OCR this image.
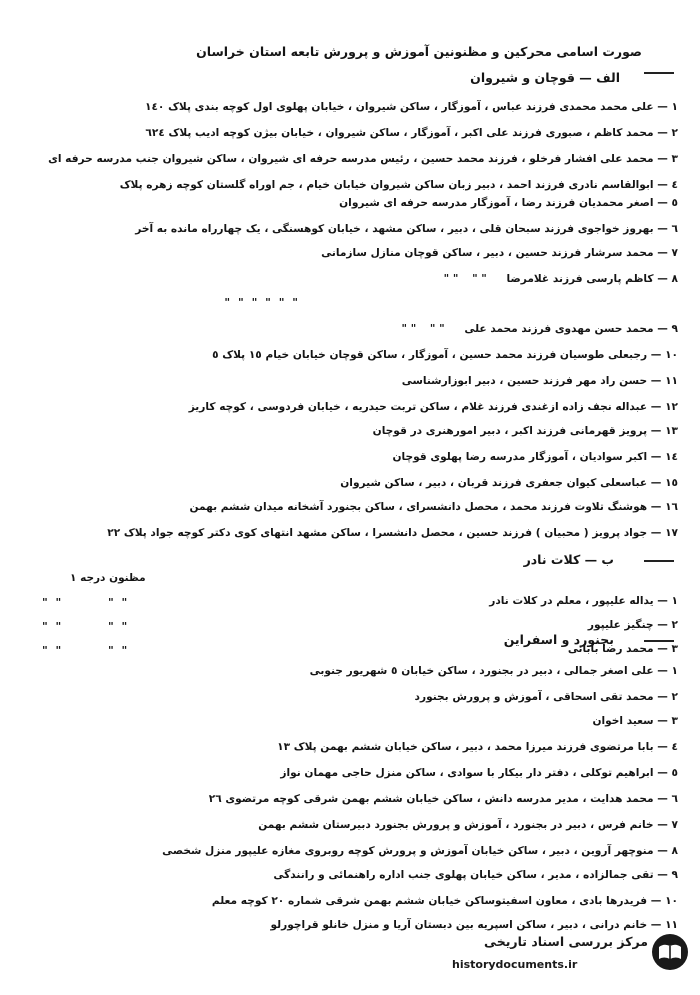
صورت اسامی محرکین و مظنونین آموزش و پرورش تابعه استان خراسان
الف — قوچان و شیروان
١ — علی محمد محمدی فرزند عباس ، آموزگار ، ساکن شیروان ، خیابان پهلوی اول کوچه بندی پلاک ١٤٠
٢ — محمد کاظم ، صبوری فرزند علی اکبر ، آموزگار ، ساکن شیروان ، خیابان بیژن کوچه ادیب پلاک ٦٢٤
٣ — محمد علی افشار فرخلو ، فرزند محمد حسین ، رئیس مدرسه حرفه ای شیروان ، ساکن شیروان جنب مدرسه حرفه ای
٤ — ابوالقاسم نادری فرزند احمد ، دبیر زبان ساکن شیروان خیابان خیام ، جم اوراه گلستان کوچه زهره پلاک
٥ — اصغر محمدیان فرزند رضا ، آموزگار مدرسه حرفه ای شیروان
٦ — بهروز خواجوی فرزند سبحان قلی ، دبیر ، ساکن مشهد ، خیابان کوهسنگی ، یک چهارراه مانده به آخر
٧ — محمد سرشار فرزند حسین ، دبیر ، ساکن قوچان منازل سازمانی
٨ — کاظم پارسی فرزند غلامرضا " " " "
" " " " " "
٩ — محمد حسن مهدوی فرزند محمد علی " " " "
١٠ — رجبعلی طوسیان فرزند محمد حسین ، آموزگار ، ساکن قوچان خیابان خیام ١٥ پلاک ٥
١١ — حسن راد مهر فرزند حسین ، دبیر ابوزارشناسی
١٢ — عبداله نجف زاده ازغندی فرزند غلام ، ساکن تربت حیدریه ، خیابان فردوسی ، کوچه کاریز
١٣ — پرویز قهرمانی فرزند اکبر ، دبیر امورهنری در قوچان
١٤ — اکبر سوادیان ، آموزگار مدرسه رضا پهلوی قوچان
١٥ — عباسعلی کیوان جعفری فرزند قربان ، دبیر ، ساکن شیروان
١٦ — هوشنگ تلاوت فرزند محمد ، محصل دانشسرای ، ساکن بجنورد آشخانه میدان ششم بهمن
١٧ — جواد پرویز ( محبیان ) فرزند حسین ، محصل دانشسرا ، ساکن مشهد انتهای کوی دکتر کوچه جواد پلاک ٢٢
ب — کلات نادر
مظنون درجه ١
١ — یداله علیپور ، معلم در کلات نادر
٢ — چنگیز علیپور
٣ — محمد رضا بابائی
" "	" "
" "	" "
" "	" "
بجنورد و اسفراین
١ — علی اصغر جمالی ، دبیر در بجنورد ، ساکن خیابان ٥ شهریور جنوبی
٢ — محمد تقی اسحاقی ، آموزش و پرورش بجنورد
٣ — سعید اخوان
٤ — بابا مرتضوی فرزند میرزا محمد ، دبیر ، ساکن خیابان ششم بهمن پلاک ١٣
٥ — ابراهیم توکلی ، دفتر دار بیکار با سوادی ، ساکن منزل حاجی مهمان نواز
٦ — محمد هدایت ، مدیر مدرسه دانش ، ساکن خیابان ششم بهمن شرقی کوچه مرتضوی ٢٦
٧ — خانم فرس ، دبیر در بجنورد ، آموزش و پرورش بجنورد دبیرستان ششم بهمن
٨ — منوچهر آروین ، دبیر ، ساکن خیابان آموزش و پرورش کوچه روبروی مغازه علیپور منزل شخصی
٩ — تقی جمالزاده ، مدیر ، ساکن خیابان پهلوی جنب اداره راهنمائی و رانندگی
١٠ — فریدرها بادی ، معاون اسفیتوساکن خیابان ششم بهمن شرقی شماره ٢٠ کوچه معلم
١١ — خانم درانی ، دبیر ، ساکن اسپریه بین دبستان آریا و منزل خانلو قراچورلو
مرکز بررسی اسناد تاریخی
historydocuments.ir
